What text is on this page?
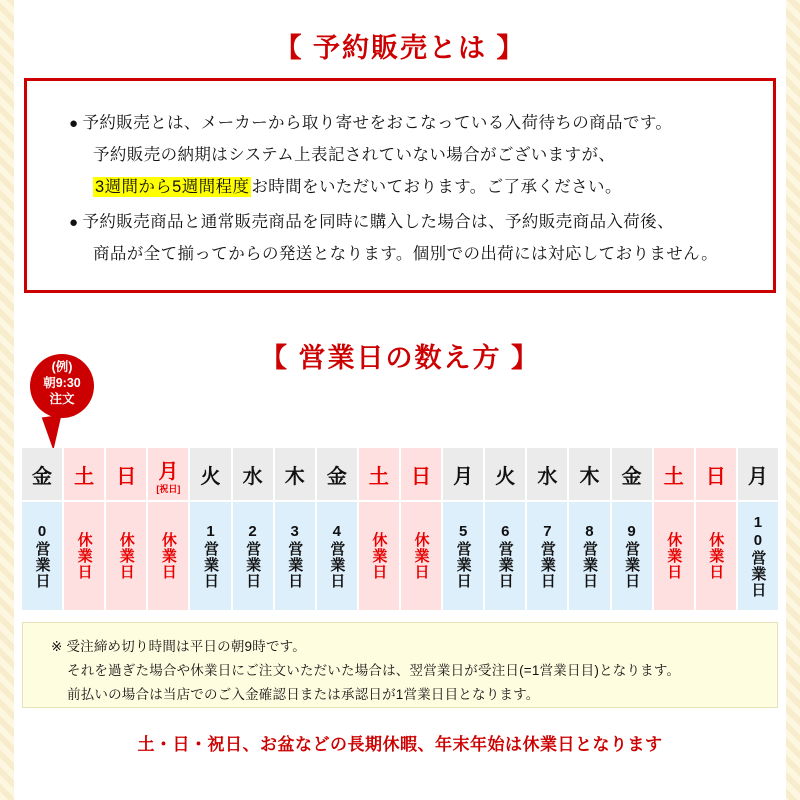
【 予約販売とは 】
● 予約販売とは、メーカーから取り寄せをおこなっている入荷待ちの商品です。
予約販売の納期はシステム上表記されていない場合がございますが、
3週間から5週間程度 お時間をいただいております。ご了承ください。
● 予約販売商品と通常販売商品を同時に購入した場合は、予約販売商品入荷後、
商品が全て揃ってからの発送となります。個別での出荷には対応しておりません。
【 営業日の数え方 】
(例)
朝9:30
注文
金
0営業日
土
休業日
日
休業日
月
[祝日]
休業日
火
1営業日
水
2営業日
木
3営業日
金
4営業日
土
休業日
日
休業日
月
5営業日
火
6営業日
水
7営業日
木
8営業日
金
9営業日
土
休業日
日
休業日
月
10営業日
※ 受注締め切り時間は平日の朝9時です。
それを過ぎた場合や休業日にご注文いただいた場合は、翌営業日が受注日(=1営業日目)となります。
前払いの場合は当店でのご入金確認日または承認日が1営業日目となります。
土・日・祝日、お盆などの長期休暇、年末年始は休業日となります
